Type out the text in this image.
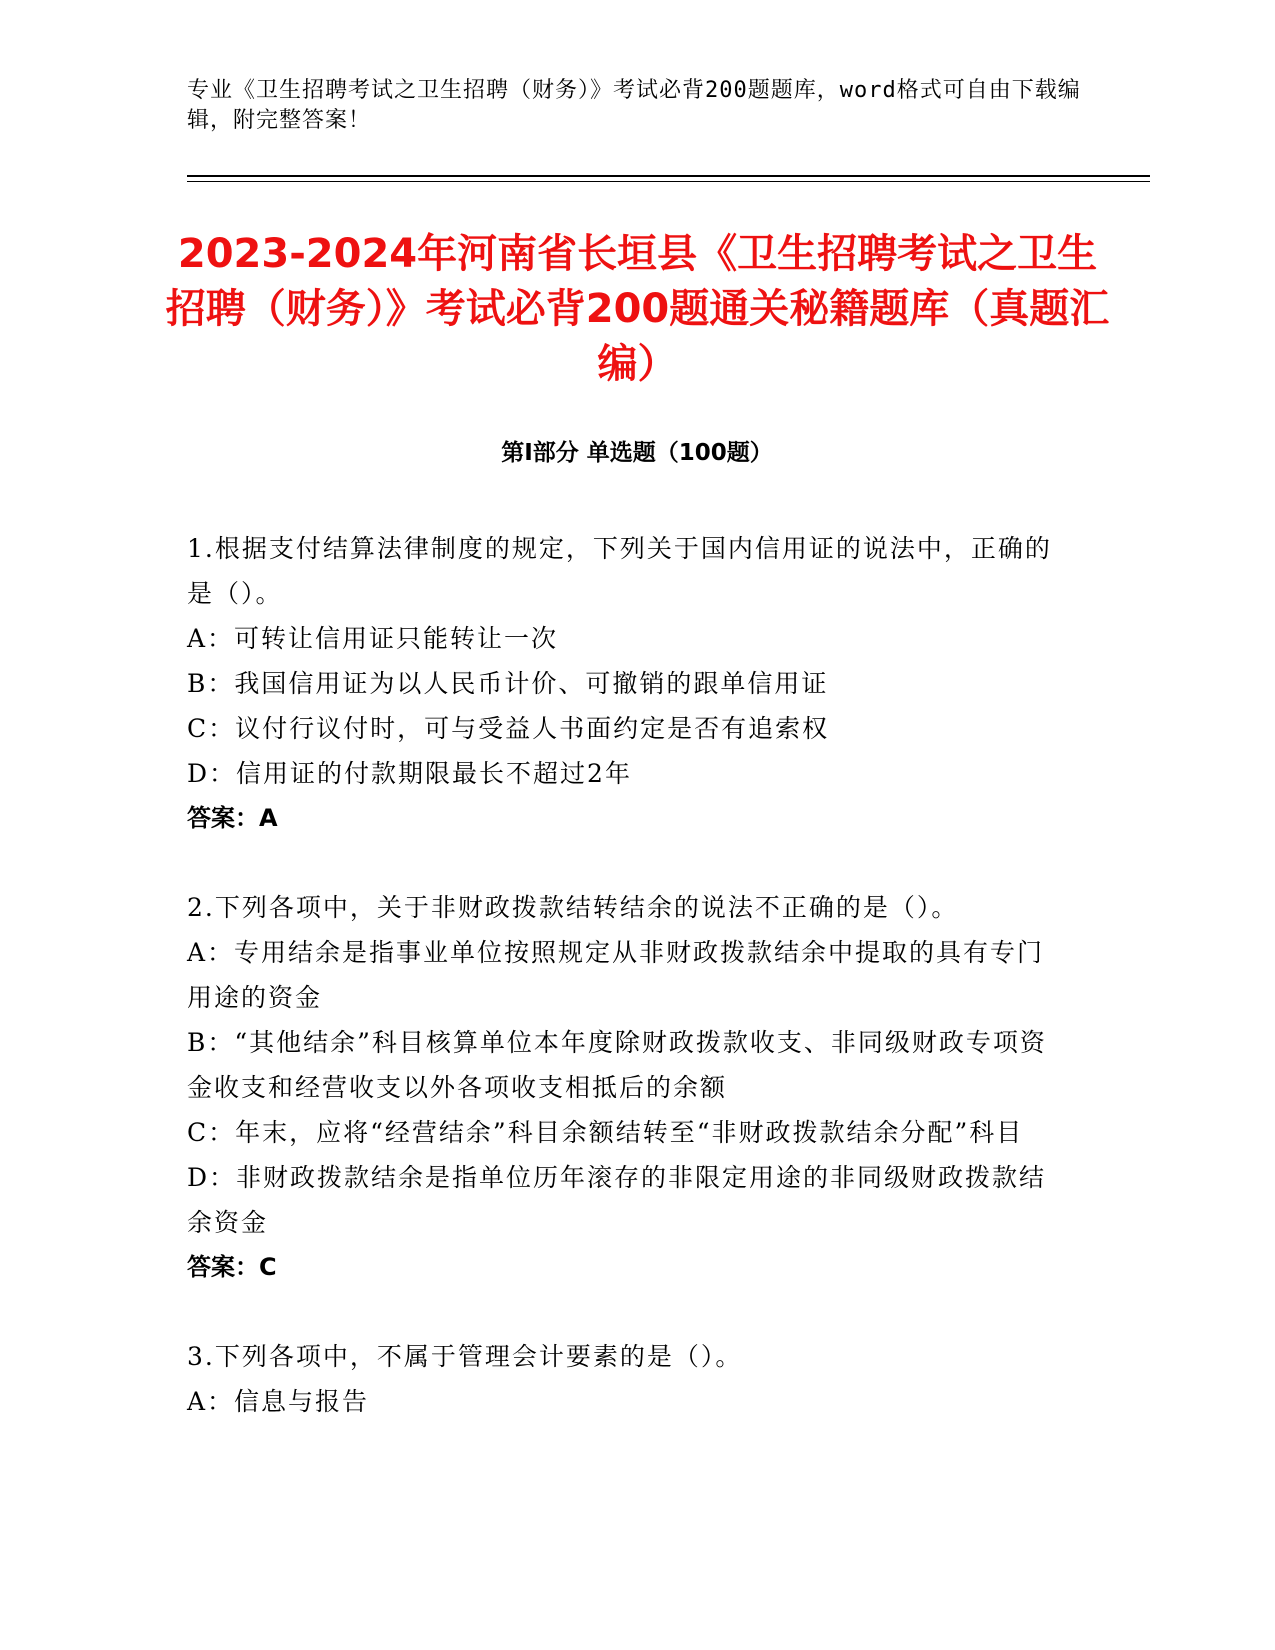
专业《卫生招聘考试之卫生招聘（财务）》考试必背200题题库，word格式可自由下载编辑，附完整答案！
2023-2024年河南省长垣县《卫生招聘考试之卫生招聘（财务）》考试必背200题通关秘籍题库（真题汇编）
第I部分 单选题（100题）
1.根据支付结算法律制度的规定，下列关于国内信用证的说法中，正确的是（）。
A：可转让信用证只能转让一次
B：我国信用证为以人民币计价、可撤销的跟单信用证
C：议付行议付时，可与受益人书面约定是否有追索权
D：信用证的付款期限最长不超过2年
答案：A
2.下列各项中，关于非财政拨款结转结余的说法不正确的是（）。
A：专用结余是指事业单位按照规定从非财政拨款结余中提取的具有专门用途的资金
B：“其他结余”科目核算单位本年度除财政拨款收支、非同级财政专项资金收支和经营收支以外各项收支相抵后的余额
C：年末，应将“经营结余”科目余额结转至“非财政拨款结余分配”科目
D：非财政拨款结余是指单位历年滚存的非限定用途的非同级财政拨款结余资金
答案：C
3.下列各项中，不属于管理会计要素的是（）。
A：信息与报告
